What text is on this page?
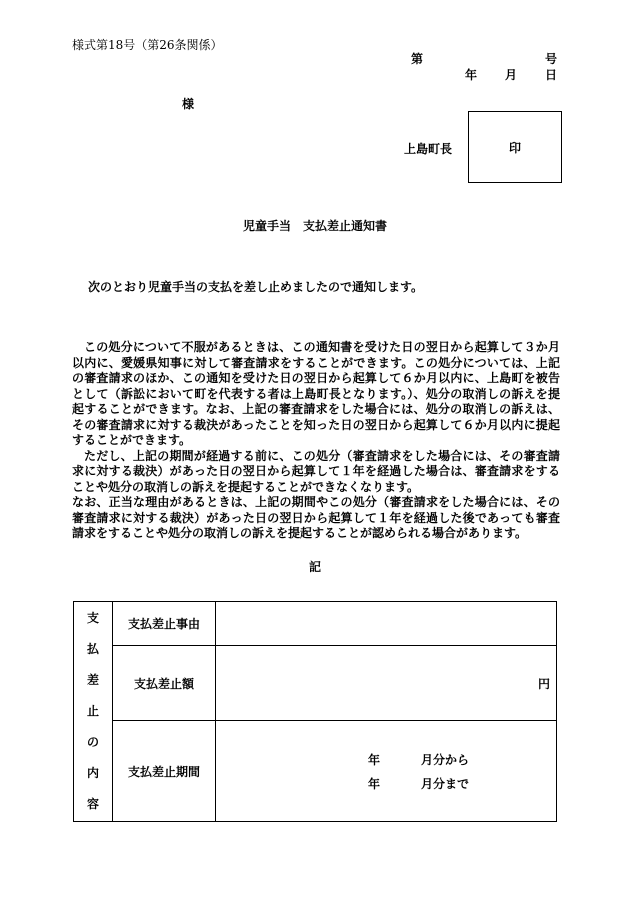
様式第18号（第26条関係）
第	号
年 月 日
様
上島町長	印
児童手当　支払差止通知書
次のとおり児童手当の支払を差し止めましたので通知します。

この処分について不服があるときは、この通知書を受けた日の翌日から起算して３か月以内に、愛媛県知事に対して審査請求をすることができます。この処分については、上記の審査請求のほか、この通知を受けた日の翌日から起算して６か月以内に、上島町を被告として（訴訟において町を代表する者は上島町長となります。）、処分の取消しの訴えを提起することができます。なお、上記の審査請求をした場合には、処分の取消しの訴えは、その審査請求に対する裁決があったことを知った日の翌日から起算して６か月以内に提起することができます。

ただし、上記の期間が経過する前に、この処分（審査請求をした場合には、その審査請求に対する裁決）があった日の翌日から起算して１年を経過した場合は、審査請求をすることや処分の取消しの訴えを提起することができなくなります。

なお、正当な理由があるときは、上記の期間やこの処分（審査請求をした場合には、その審査請求に対する裁決）があった日の翌日から起算して１年を経過した後であっても審査請求をすることや処分の取消しの訴えを提起することが認められる場合があります。

記
支払差止の内容	支払差止事由	
	支払差止額	円
	支払差止期間	年 月分から
年 月分まで
